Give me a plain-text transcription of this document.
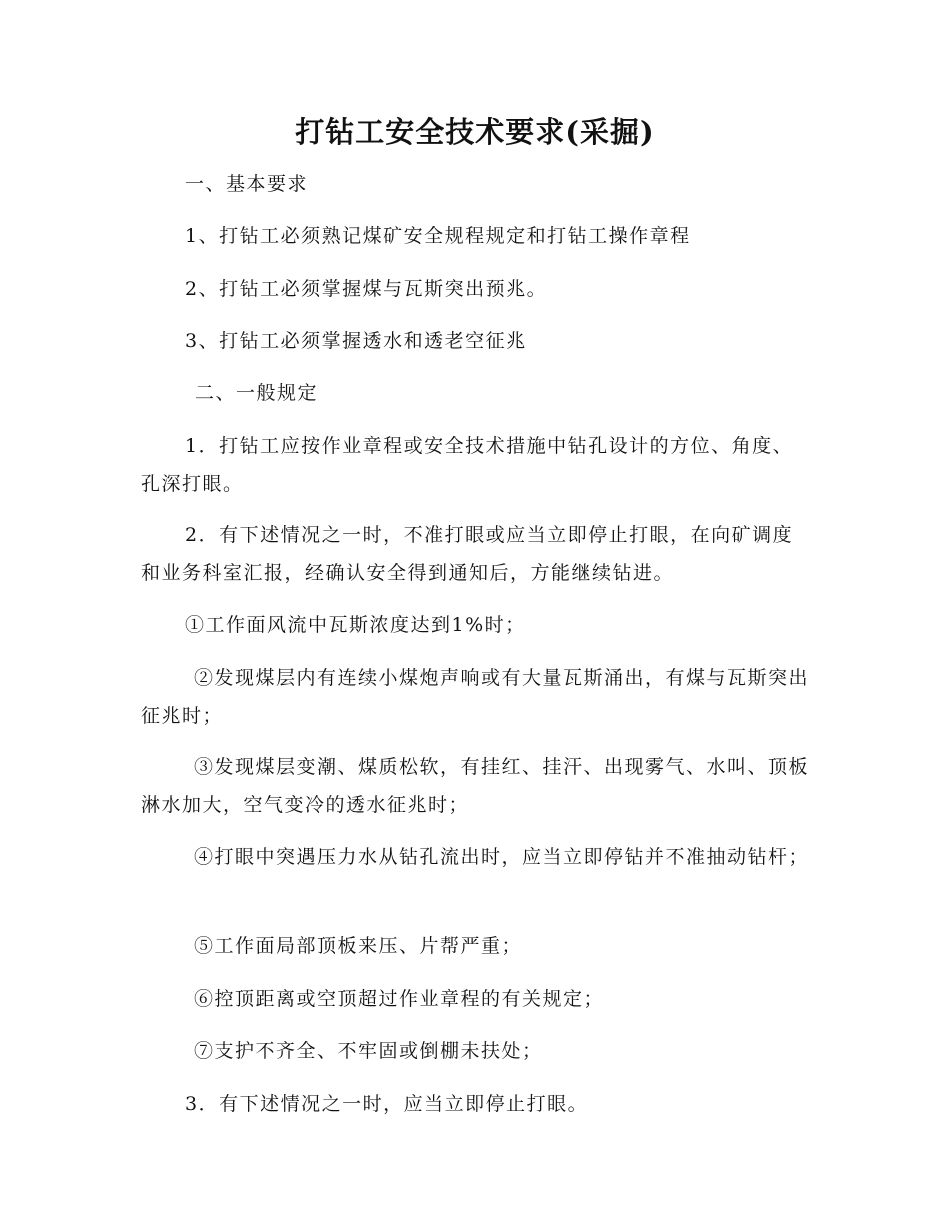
打钻工安全技术要求(采掘)

一、基本要求

1、打钻工必须熟记煤矿安全规程规定和打钻工操作章程

2、打钻工必须掌握煤与瓦斯突出预兆。

3、打钻工必须掌握透水和透老空征兆

二、一般规定

1．打钻工应按作业章程或安全技术措施中钻孔设计的方位、角度、孔深打眼。

2．有下述情况之一时，不准打眼或应当立即停止打眼，在向矿调度和业务科室汇报，经确认安全得到通知后，方能继续钻进。

①工作面风流中瓦斯浓度达到1%时；

②发现煤层内有连续小煤炮声响或有大量瓦斯涌出，有煤与瓦斯突出征兆时；

③发现煤层变潮、煤质松软，有挂红、挂汗、出现雾气、水叫、顶板淋水加大，空气变冷的透水征兆时；

④打眼中突遇压力水从钻孔流出时，应当立即停钻并不准抽动钻杆；

⑤工作面局部顶板来压、片帮严重；

⑥控顶距离或空顶超过作业章程的有关规定；

⑦支护不齐全、不牢固或倒棚未扶处；

3．有下述情况之一时，应当立即停止打眼。
